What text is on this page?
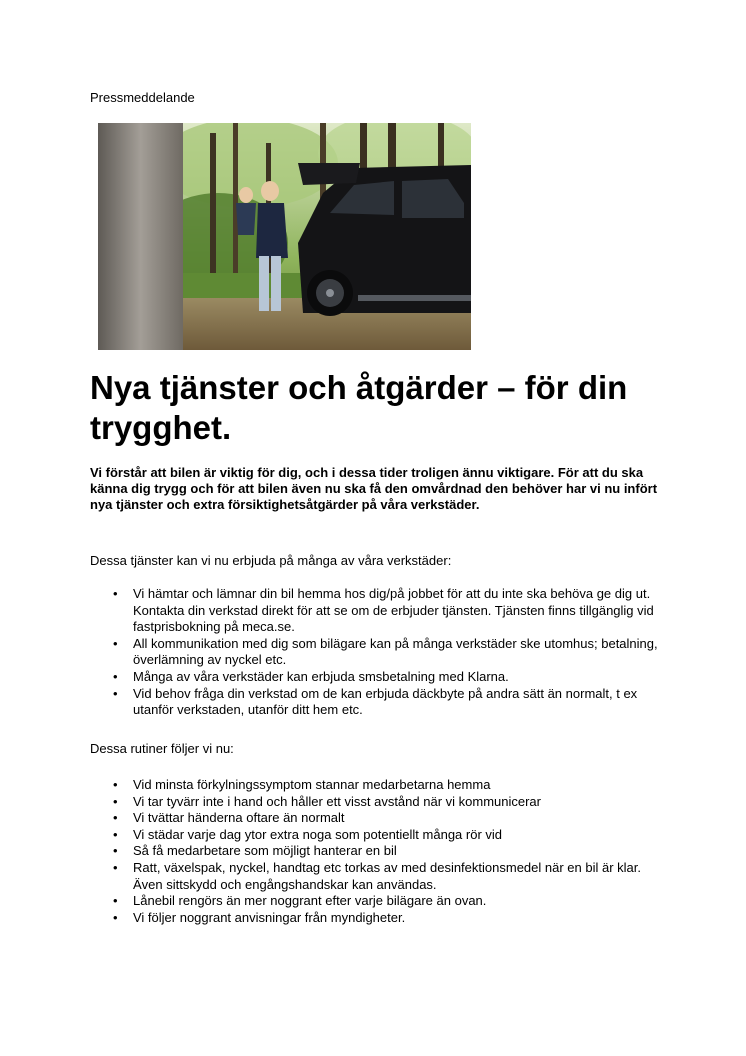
Pressmeddelande
Nya tjänster och åtgärder – för din trygghet.

Vi förstår att bilen är viktig för dig, och i dessa tider troligen ännu viktigare. För att du ska känna dig trygg och för att bilen även nu ska få den omvårdnad den behöver har vi nu infört nya tjänster och extra försiktighetsåtgärder på våra verkstäder.

Dessa tjänster kan vi nu erbjuda på många av våra verkstäder:

• Vi hämtar och lämnar din bil hemma hos dig/på jobbet för att du inte ska behöva ge dig ut. Kontakta din verkstad direkt för att se om de erbjuder tjänsten. Tjänsten finns tillgänglig vid fastprisbokning på meca.se.
• All kommunikation med dig som bilägare kan på många verkstäder ske utomhus; betalning, överlämning av nyckel etc.
• Många av våra verkstäder kan erbjuda smsbetalning med Klarna.
• Vid behov fråga din verkstad om de kan erbjuda däckbyte på andra sätt än normalt, t ex utanför verkstaden, utanför ditt hem etc.

Dessa rutiner följer vi nu:

• Vid minsta förkylningssymptom stannar medarbetarna hemma
• Vi tar tyvärr inte i hand och håller ett visst avstånd när vi kommunicerar
• Vi tvättar händerna oftare än normalt
• Vi städar varje dag ytor extra noga som potentiellt många rör vid
• Så få medarbetare som möjligt hanterar en bil
• Ratt, växelspak, nyckel, handtag etc torkas av med desinfektionsmedel när en bil är klar. Även sittskydd och engångshandskar kan användas.
• Lånebil rengörs än mer noggrant efter varje bilägare än ovan.
• Vi följer noggrant anvisningar från myndigheter.
